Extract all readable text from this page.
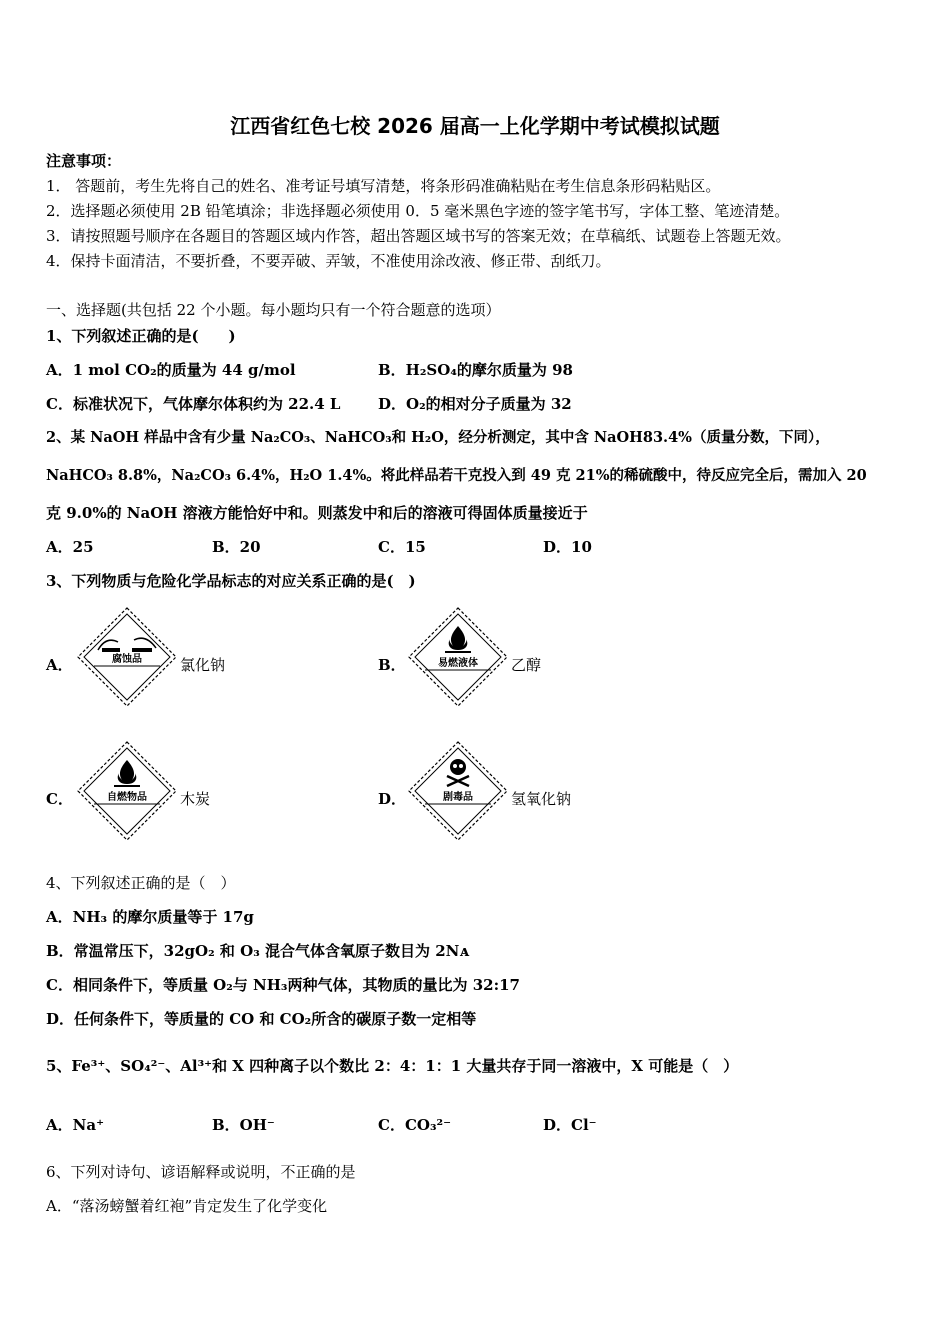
江西省红色七校 2026 届高一上化学期中考试模拟试题
注意事项：
1． 答题前，考生先将自己的姓名、准考证号填写清楚，将条形码准确粘贴在考生信息条形码粘贴区。
2．选择题必须使用 2B 铅笔填涂；非选择题必须使用 0．5 毫米黑色字迹的签字笔书写，字体工整、笔迹清楚。
3．请按照题号顺序在各题目的答题区域内作答，超出答题区域书写的答案无效；在草稿纸、试题卷上答题无效。
4．保持卡面清洁，不要折叠，不要弄破、弄皱，不准使用涂改液、修正带、刮纸刀。
一、选择题(共包括 22 个小题。每小题均只有一个符合题意的选项）
1、下列叙述正确的是(　　)
A．1 mol CO₂的质量为 44 g/mol	B．H₂SO₄的摩尔质量为 98
C．标准状况下，气体摩尔体积约为 22.4 L	D．O₂的相对分子质量为 32
2、某 NaOH 样品中含有少量 Na₂CO₃、NaHCO₃和 H₂O，经分析测定，其中含 NaOH83.4%（质量分数，下同），
NaHCO₃ 8.8%，Na₂CO₃ 6.4%，H₂O 1.4%。将此样品若干克投入到 49 克 21%的稀硫酸中，待反应完全后，需加入 20
克 9.0%的 NaOH 溶液方能恰好中和。则蒸发中和后的溶液可得固体质量接近于
A．25	B．20	C．15	D．10
3、下列物质与危险化学品标志的对应关系正确的是(　)
A．	腐蚀品	氯化钠	B．	易燃液体 乙醇
C．	自燃物品 木炭	D．	剧毒品	氢氧化钠
4、下列叙述正确的是（　）
A．NH₃ 的摩尔质量等于 17g
B．常温常压下，32gO₂ 和 O₃ 混合气体含氧原子数目为 2Nᴀ
C．相同条件下，等质量 O₂与 NH₃两种气体，其物质的量比为 32:17
D．任何条件下，等质量的 CO 和 CO₂所含的碳原子数一定相等
5、Fe³⁺、SO₄²⁻、Al³⁺和 X 四种离子以个数比 2：4：1：1 大量共存于同一溶液中，X 可能是（　）
A．Na⁺	B．OH⁻	C．CO₃²⁻	D．Cl⁻
6、下列对诗句、谚语解释或说明，不正确的是
A．“落汤螃蟹着红袍”肯定发生了化学变化
